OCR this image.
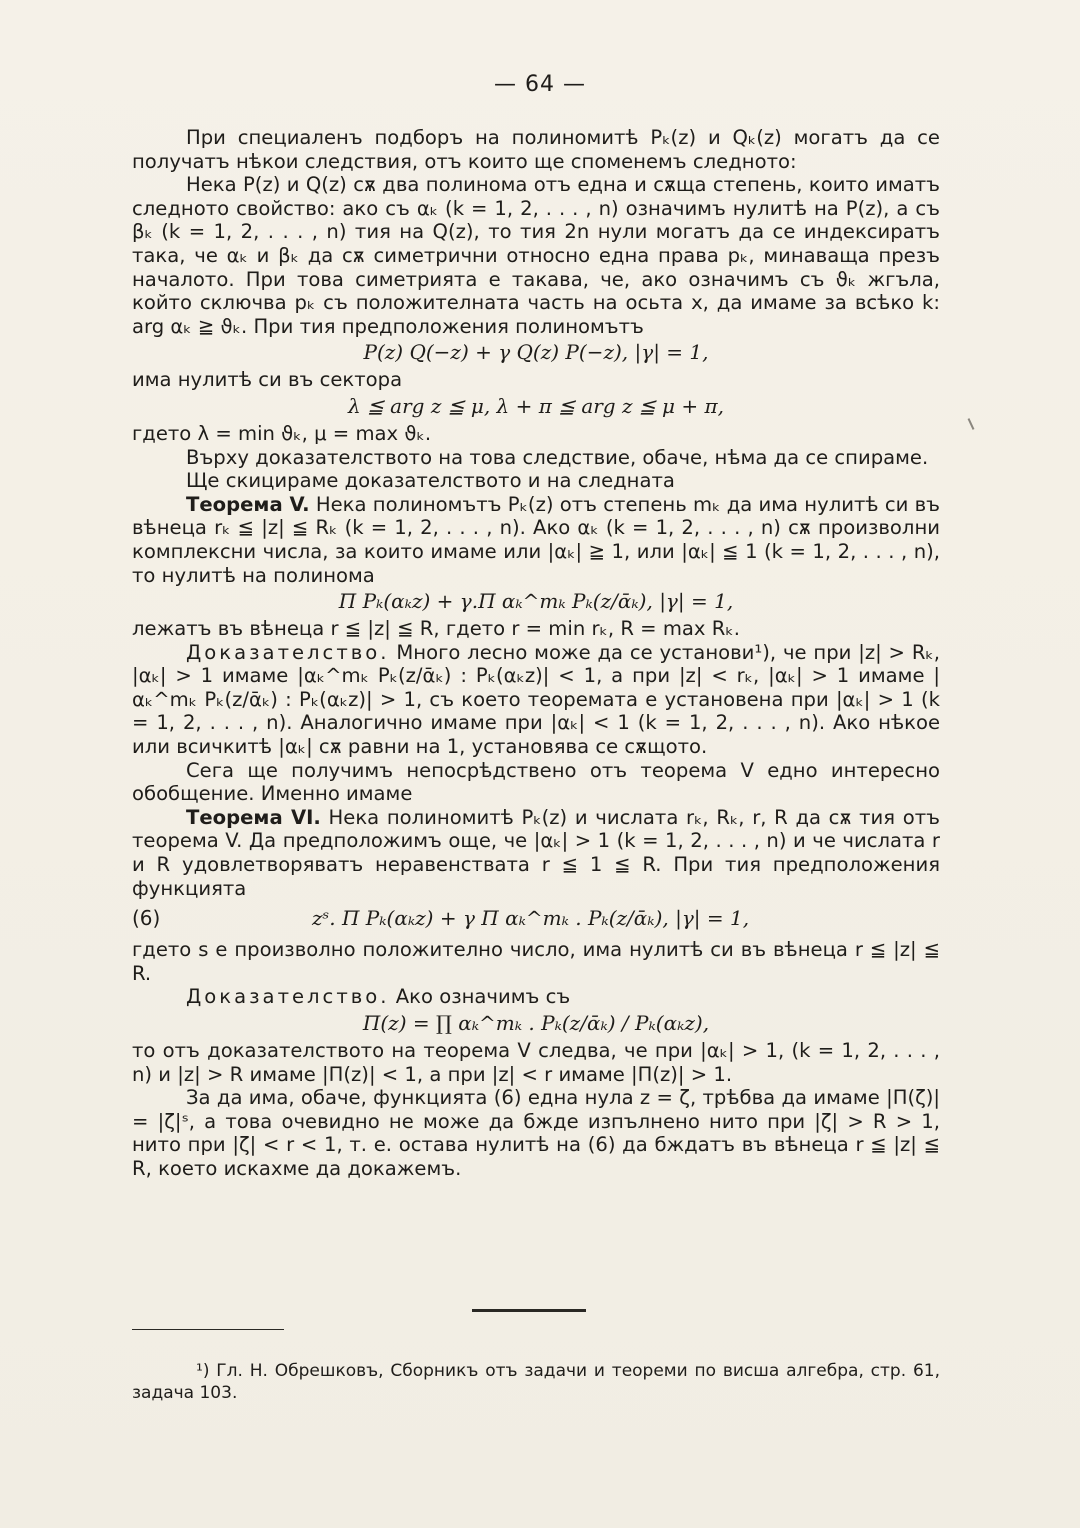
— 64 —

При специаленъ подборъ на полиномитѣ Pₖ(z) и Qₖ(z) могатъ да се получатъ нѣкои следствия, отъ които ще споменемъ следното:

Нека P(z) и Q(z) сѫ два полинома отъ една и сѫща степень, които иматъ следното свойство: ако съ αₖ (k = 1, 2, . . . , n) означимъ нулитѣ на P(z), а съ βₖ (k = 1, 2, . . . , n) тия на Q(z), то тия 2n нули могатъ да се индексиратъ така, че αₖ и βₖ да сѫ симетрични относно една права pₖ, минаваща презъ началото. При това симетрията е такава, че, ако означимъ съ ϑₖ жгъла, който сключва pₖ съ положителната часть на осьта x, да имаме за всѣко k: arg αₖ ≧ ϑₖ. При тия предположения полиномътъ

P(z) Q(−z) + γ Q(z) P(−z), |γ| = 1,

има нулитѣ си въ сектора

λ ≦ arg z ≦ μ, λ + π ≦ arg z ≦ μ + π,

гдето λ = min ϑₖ, μ = max ϑₖ.

Върху доказателството на това следствие, обаче, нѣма да се спираме.

Ще скицираме доказателството и на следната

Теорема V. Нека полиномътъ Pₖ(z) отъ степень mₖ да има нулитѣ си въ вѣнеца rₖ ≦ |z| ≦ Rₖ (k = 1, 2, . . . , n). Ако αₖ (k = 1, 2, . . . , n) сѫ произволни комплексни числа, за които имаме или |αₖ| ≧ 1, или |αₖ| ≦ 1 (k = 1, 2, . . . , n), то нулитѣ на полинома

Π Pₖ(αₖz) + γ.Π αₖ^mₖ Pₖ(z/ᾱₖ), |γ| = 1,

лежатъ въ вѣнеца r ≦ |z| ≦ R, гдето r = min rₖ, R = max Rₖ.

Доказателство. Много лесно може да се установи¹), че при |z| > Rₖ, |αₖ| > 1 имаме |αₖ^mₖ Pₖ(z/ᾱₖ) : Pₖ(αₖz)| < 1, а при |z| < rₖ, |αₖ| > 1 имаме |αₖ^mₖ Pₖ(z/ᾱₖ) : Pₖ(αₖz)| > 1, съ което теоремата е установена при |αₖ| > 1 (k = 1, 2, . . . , n). Аналогично имаме при |αₖ| < 1 (k = 1, 2, . . . , n). Ако нѣкое или всичкитѣ |αₖ| сѫ равни на 1, установява се сѫщото.

Сега ще получимъ непосрѣдствено отъ теорема V едно интересно обобщение. Именно имаме

Теорема VI. Нека полиномитѣ Pₖ(z) и числата rₖ, Rₖ, r, R да сѫ тия отъ теорема V. Да предположимъ още, че |αₖ| > 1 (k = 1, 2, . . . , n) и че числата r и R удовлетворяватъ неравенствата r ≦ 1 ≦ R. При тия предположения функцията

(6)	zˢ. Π Pₖ(αₖz) + γ Π αₖ^mₖ . Pₖ(z/ᾱₖ), |γ| = 1,

гдето s е произволно положително число, има нулитѣ си въ вѣнеца r ≦ |z| ≦ R.

Доказателство. Ако означимъ съ

Π(z) = ∏ αₖ^mₖ . Pₖ(z/ᾱₖ) / Pₖ(αₖz),

то отъ доказателството на теорема V следва, че при |αₖ| > 1, (k = 1, 2, . . . , n) и |z| > R имаме |Π(z)| < 1, а при |z| < r имаме |Π(z)| > 1.

За да има, обаче, функцията (6) една нула z = ζ, трѣбва да имаме |Π(ζ)| = |ζ|ˢ, а това очевидно не може да бжде изпълнено нито при |ζ| > R > 1, нито при |ζ| < r < 1, т. е. остава нулитѣ на (6) да бждатъ въ вѣнеца r ≦ |z| ≦ R, което искахме да докажемъ.

¹) Гл. Н. Обрешковъ, Сборникъ отъ задачи и теореми по висша алгебра, стр. 61, задача 103.
